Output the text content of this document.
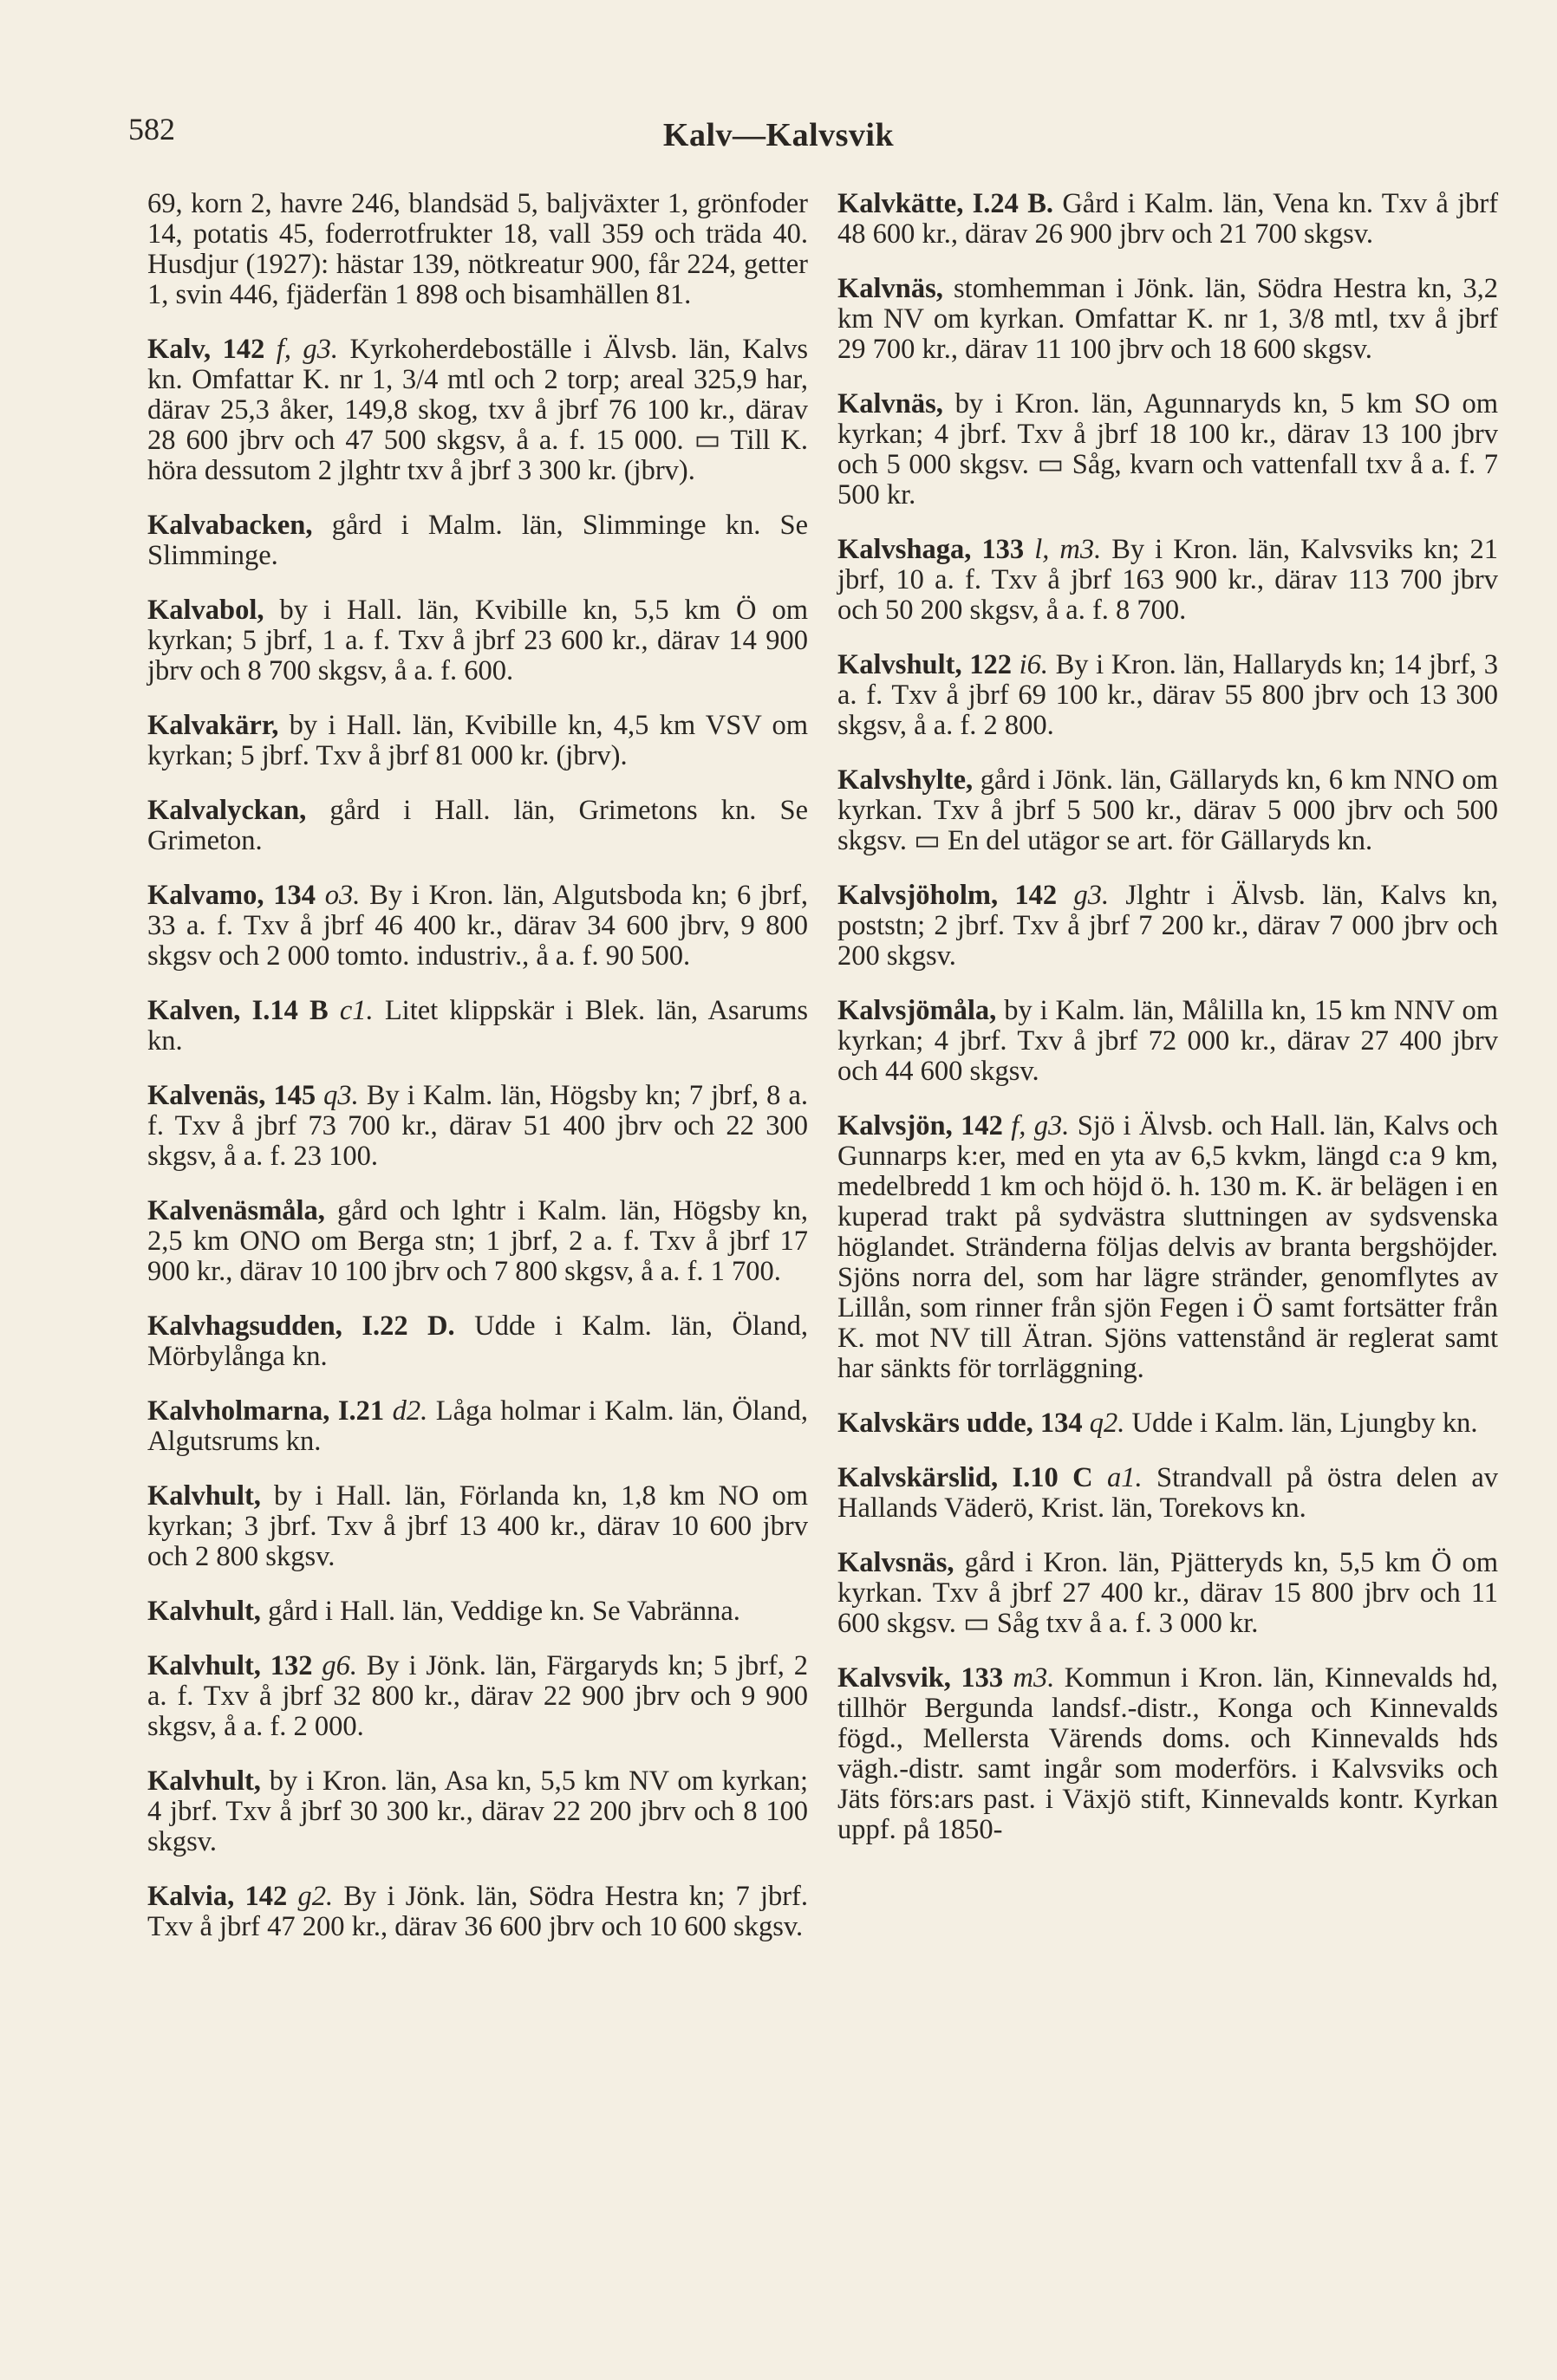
582	Kalv—Kalvsvik

69, korn 2, havre 246, blandsäd 5, baljväxter 1, grönfoder 14, potatis 45, foderrotfrukter 18, vall 359 och träda 40. Husdjur (1927): hästar 139, nötkreatur 900, får 224, getter 1, svin 446, fjäderfän 1 898 och bisamhällen 81.

Kalv, 142 f, g3. Kyrkoherdeboställe i Älvsb. län, Kalvs kn. Omfattar K. nr 1, 3/4 mtl och 2 torp; areal 325,9 har, därav 25,3 åker, 149,8 skog, txv å jbrf 76 100 kr., därav 28 600 jbrv och 47 500 skgsv, å a. f. 15 000. ▭ Till K. höra dessutom 2 jlghtr txv å jbrf 3 300 kr. (jbrv).

Kalvabacken, gård i Malm. län, Slimminge kn. Se Slimminge.

Kalvabol, by i Hall. län, Kvibille kn, 5,5 km Ö om kyrkan; 5 jbrf, 1 a. f. Txv å jbrf 23 600 kr., därav 14 900 jbrv och 8 700 skgsv, å a. f. 600.

Kalvakärr, by i Hall. län, Kvibille kn, 4,5 km VSV om kyrkan; 5 jbrf. Txv å jbrf 81 000 kr. (jbrv).

Kalvalyckan, gård i Hall. län, Grimetons kn. Se Grimeton.

Kalvamo, 134 o3. By i Kron. län, Algutsboda kn; 6 jbrf, 33 a. f. Txv å jbrf 46 400 kr., därav 34 600 jbrv, 9 800 skgsv och 2 000 tomto. industriv., å a. f. 90 500.

Kalven, I.14 B c1. Litet klippskär i Blek. län, Asarums kn.

Kalvenäs, 145 q3. By i Kalm. län, Högsby kn; 7 jbrf, 8 a. f. Txv å jbrf 73 700 kr., därav 51 400 jbrv och 22 300 skgsv, å a. f. 23 100.

Kalvenäsmåla, gård och lghtr i Kalm. län, Högsby kn, 2,5 km ONO om Berga stn; 1 jbrf, 2 a. f. Txv å jbrf 17 900 kr., därav 10 100 jbrv och 7 800 skgsv, å a. f. 1 700.

Kalvhagsudden, I.22 D. Udde i Kalm. län, Öland, Mörbylånga kn.

Kalvholmarna, I.21 d2. Låga holmar i Kalm. län, Öland, Algutsrums kn.

Kalvhult, by i Hall. län, Förlanda kn, 1,8 km NO om kyrkan; 3 jbrf. Txv å jbrf 13 400 kr., därav 10 600 jbrv och 2 800 skgsv.

Kalvhult, gård i Hall. län, Veddige kn. Se Vabränna.

Kalvhult, 132 g6. By i Jönk. län, Färgaryds kn; 5 jbrf, 2 a. f. Txv å jbrf 32 800 kr., därav 22 900 jbrv och 9 900 skgsv, å a. f. 2 000.

Kalvhult, by i Kron. län, Asa kn, 5,5 km NV om kyrkan; 4 jbrf. Txv å jbrf 30 300 kr., därav 22 200 jbrv och 8 100 skgsv.

Kalvia, 142 g2. By i Jönk. län, Södra Hestra kn; 7 jbrf. Txv å jbrf 47 200 kr., därav 36 600 jbrv och 10 600 skgsv.

Kalvkätte, I.24 B. Gård i Kalm. län, Vena kn. Txv å jbrf 48 600 kr., därav 26 900 jbrv och 21 700 skgsv.

Kalvnäs, stomhemman i Jönk. län, Södra Hestra kn, 3,2 km NV om kyrkan. Omfattar K. nr 1, 3/8 mtl, txv å jbrf 29 700 kr., därav 11 100 jbrv och 18 600 skgsv.

Kalvnäs, by i Kron. län, Agunnaryds kn, 5 km SO om kyrkan; 4 jbrf. Txv å jbrf 18 100 kr., därav 13 100 jbrv och 5 000 skgsv. ▭ Såg, kvarn och vattenfall txv å a. f. 7 500 kr.

Kalvshaga, 133 l, m3. By i Kron. län, Kalvsviks kn; 21 jbrf, 10 a. f. Txv å jbrf 163 900 kr., därav 113 700 jbrv och 50 200 skgsv, å a. f. 8 700.

Kalvshult, 122 i6. By i Kron. län, Hallaryds kn; 14 jbrf, 3 a. f. Txv å jbrf 69 100 kr., därav 55 800 jbrv och 13 300 skgsv, å a. f. 2 800.

Kalvshylte, gård i Jönk. län, Gällaryds kn, 6 km NNO om kyrkan. Txv å jbrf 5 500 kr., därav 5 000 jbrv och 500 skgsv. ▭ En del utägor se art. för Gällaryds kn.

Kalvsjöholm, 142 g3. Jlghtr i Älvsb. län, Kalvs kn, poststn; 2 jbrf. Txv å jbrf 7 200 kr., därav 7 000 jbrv och 200 skgsv.

Kalvsjömåla, by i Kalm. län, Målilla kn, 15 km NNV om kyrkan; 4 jbrf. Txv å jbrf 72 000 kr., därav 27 400 jbrv och 44 600 skgsv.

Kalvsjön, 142 f, g3. Sjö i Älvsb. och Hall. län, Kalvs och Gunnarps k:er, med en yta av 6,5 kvkm, längd c:a 9 km, medelbredd 1 km och höjd ö. h. 130 m. K. är belägen i en kuperad trakt på sydvästra sluttningen av sydsvenska höglandet. Stränderna följas delvis av branta bergshöjder. Sjöns norra del, som har lägre stränder, genomflytes av Lillån, som rinner från sjön Fegen i Ö samt fortsätter från K. mot NV till Ätran. Sjöns vattenstånd är reglerat samt har sänkts för torrläggning.

Kalvskärs udde, 134 q2. Udde i Kalm. län, Ljungby kn.

Kalvskärslid, I.10 C a1. Strandvall på östra delen av Hallands Väderö, Krist. län, Torekovs kn.

Kalvsnäs, gård i Kron. län, Pjätteryds kn, 5,5 km Ö om kyrkan. Txv å jbrf 27 400 kr., därav 15 800 jbrv och 11 600 skgsv. ▭ Såg txv å a. f. 3 000 kr.

Kalvsvik, 133 m3. Kommun i Kron. län, Kinnevalds hd, tillhör Bergunda landsf.-distr., Konga och Kinnevalds fögd., Mellersta Värends doms. och Kinnevalds hds vägh.-distr. samt ingår som moderförs. i Kalvsviks och Jäts förs:ars past. i Växjö stift, Kinnevalds kontr. Kyrkan uppf. på 1850-
